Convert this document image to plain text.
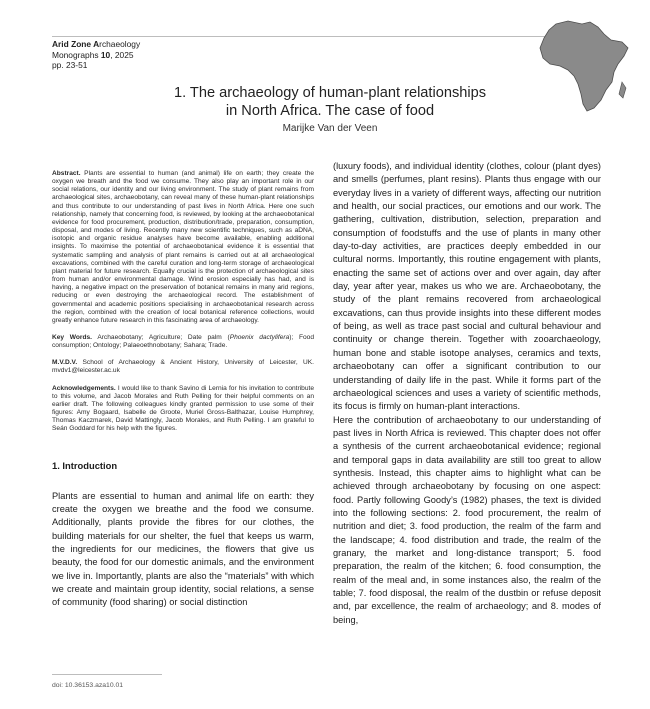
Arid Zone Archaeology
Monographs 10, 2025
pp. 23-51
1. The archaeology of human-plant relationships
in North Africa. The case of food
Marijke Van der Veen

Abstract. Plants are essential to human (and animal) life on earth; they create the oxygen we breath and the food we consume. They also play an important role in our social relations, our identity and our living environment. The study of plant remains from archaeological sites, archaeobotany, can reveal many of these human-plant relationships and thus contribute to our understanding of past lives in North Africa. Here one such relationship, namely that concerning food, is reviewed, by looking at the archaeobotanical evidence for food procurement, production, distribution/trade, preparation, consumption, disposal, and modes of living. Recently many new scientific techniques, such as aDNA, isotopic and organic residue analyses have become available, enabling additional insights. To maximise the potential of archaeobotanical evidence it is essential that systematic sampling and analysis of plant remains is carried out at all archaeological excavations, combined with the careful curation and long-term storage of archaeological plant material for future research. Equally crucial is the protection of archaeological sites from human and/or environmental damage. Wind erosion especially has had, and is having, a negative impact on the preservation of botanical remains in many arid regions, reducing or even destroying the archaeological record. The establishment of governmental and academic positions specialising in archaeobotanical research across the region, combined with the creation of local botanical reference collections, would greatly enhance future research in this fascinating area of archaeology.

Key Words. Archaeobotany; Agriculture; Date palm (Phoenix dactylifera); Food consumption; Ontology; Palaeoethnobotany; Sahara; Trade.

M.V.D.V. School of Archaeology & Ancient History, University of Leicester, UK. mvdv1@leicester.ac.uk

Acknowledgements. I would like to thank Savino di Lernia for his invitation to contribute to this volume, and Jacob Morales and Ruth Pelling for their helpful comments on an earlier draft. The following colleagues kindly granted permission to use some of their figures: Amy Bogaard, Isabelle de Groote, Muriel Gross-Balthazar, Louise Humphrey, Thomas Kaczmarek, David Mattingly, Jacob Morales, and Ruth Pelling. I am grateful to Seán Goddard for his help with the figures.

1. Introduction

Plants are essential to human and animal life on earth: they create the oxygen we breathe and the food we consume. Additionally, plants provide the fibres for our clothes, the building materials for our shelter, the fuel that keeps us warm, the ingredients for our medicines, the flowers that give us beauty, the food for our domestic animals, and the environment we live in. Importantly, plants are also the “materials” with which we create and maintain group identity, social relations, a sense of community (food sharing) or social distinction

(luxury foods), and individual identity (clothes, colour (plant dyes) and smells (perfumes, plant resins). Plants thus engage with our everyday lives in a variety of different ways, affecting our nutrition and health, our social practices, our emotions and our work. The gathering, cultivation, distribution, selection, preparation and consumption of foodstuffs and the use of plants in many other day-to-day activities, are practices deeply embedded in our cultural norms. Importantly, this routine engagement with plants, enacting the same set of actions over and over again, day after day, year after year, makes us who we are. Archaeobotany, the study of the plant remains recovered from archaeological excavations, can thus provide insights into these different modes of being, as well as trace past social and cultural behaviour and continuity or change therein. Together with zooarchaeology, human bone and stable isotope analyses, ceramics and texts, archaeobotany can offer a significant contribution to our understanding of daily life in the past. While it forms part of the archaeological sciences and uses a variety of scientific methods, its focus is firmly on human-plant interactions.

Here the contribution of archaeobotany to our understanding of past lives in North Africa is reviewed. This chapter does not offer a synthesis of the current archaeobotanical evidence; regional and temporal gaps in data availability are still too great to allow synthesis. Instead, this chapter aims to highlight what can be achieved through archaeobotany by focusing on one aspect: food. Partly following Goody’s (1982) phases, the text is divided into the following sections: 2. food procurement, the realm of nutrition and diet; 3. food production, the realm of the farm and the landscape; 4. food distribution and trade, the realm of the granary, the market and long-distance transport; 5. food preparation, the realm of the kitchen; 6. food consumption, the realm of the meal and, in some instances also, the realm of the table; 7. food disposal, the realm of the dustbin or refuse deposit and, par excellence, the realm of archaeology; and 8. modes of being,

doi: 10.36153.aza10.01
